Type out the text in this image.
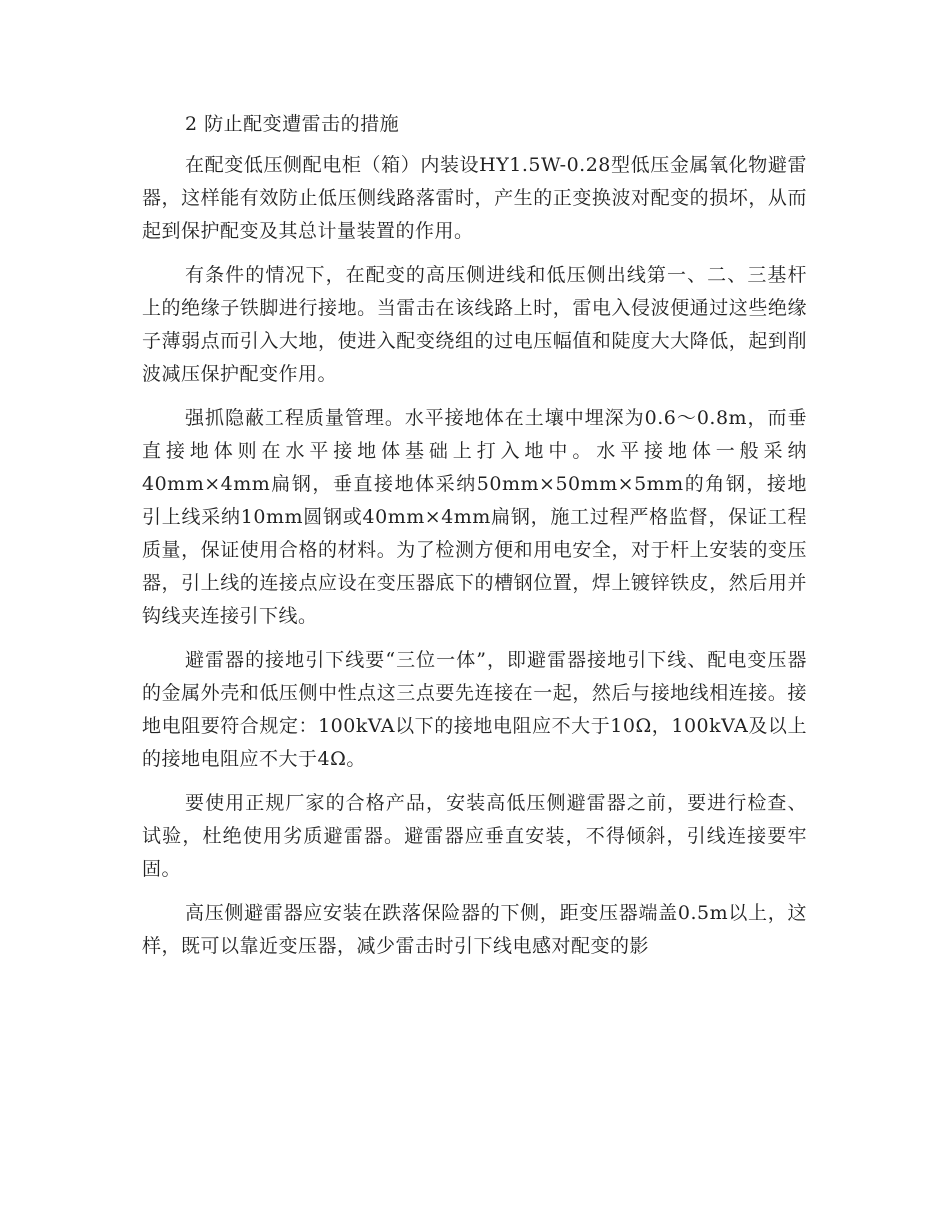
2 防止配变遭雷击的措施

在配变低压侧配电柜（箱）内装设HY1.5W-0.28型低压金属氧化物避雷器，这样能有效防止低压侧线路落雷时，产生的正变换波对配变的损坏，从而起到保护配变及其总计量装置的作用。

有条件的情况下，在配变的高压侧进线和低压侧出线第一、二、三基杆上的绝缘子铁脚进行接地。当雷击在该线路上时，雷电入侵波便通过这些绝缘子薄弱点而引入大地，使进入配变绕组的过电压幅值和陡度大大降低，起到削波减压保护配变作用。

强抓隐蔽工程质量管理。水平接地体在土壤中埋深为0.6～0.8m，而垂直接地体则在水平接地体基础上打入地中。水平接地体一般采纳40mm×4mm扁钢，垂直接地体采纳50mm×50mm×5mm的角钢，接地引上线采纳10mm圆钢或40mm×4mm扁钢，施工过程严格监督，保证工程质量，保证使用合格的材料。为了检测方便和用电安全，对于杆上安装的变压器，引上线的连接点应设在变压器底下的槽钢位置，焊上镀锌铁皮，然后用并钩线夹连接引下线。

避雷器的接地引下线要“三位一体”，即避雷器接地引下线、配电变压器的金属外壳和低压侧中性点这三点要先连接在一起，然后与接地线相连接。接地电阻要符合规定：100kVA以下的接地电阻应不大于10Ω，100kVA及以上的接地电阻应不大于4Ω。

要使用正规厂家的合格产品，安装高低压侧避雷器之前，要进行检查、试验，杜绝使用劣质避雷器。避雷器应垂直安装，不得倾斜，引线连接要牢固。

高压侧避雷器应安装在跌落保险器的下侧，距变压器端盖0.5m以上，这样，既可以靠近变压器，减少雷击时引下线电感对配变的影
